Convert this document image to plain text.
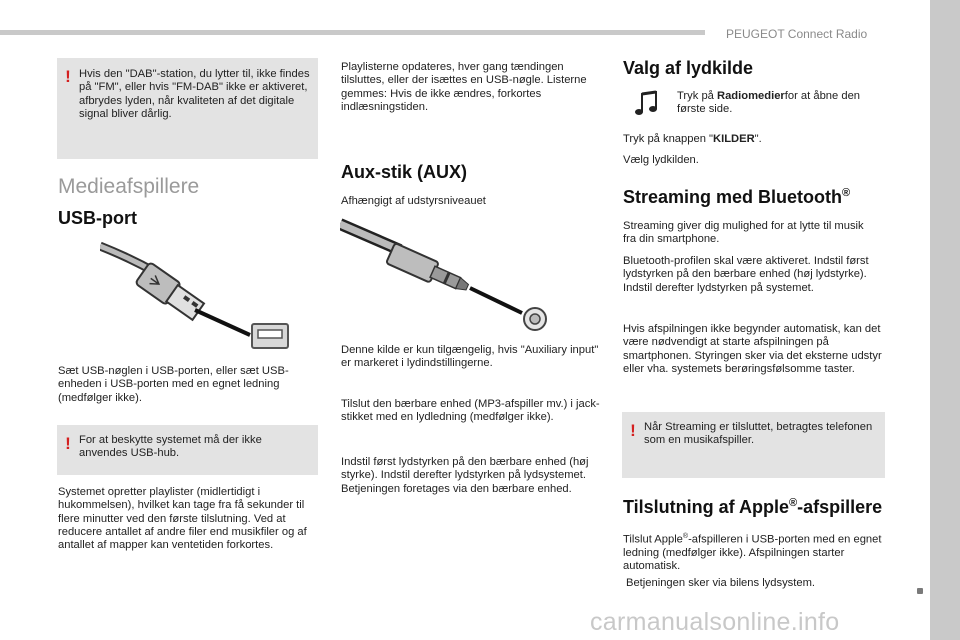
PEUGEOT Connect Radio
! Hvis den "DAB"-station, du lytter til, ikke findes på "FM", eller hvis "FM-DAB" ikke er aktiveret, afbrydes lyden, når kvaliteten af det digitale signal bliver dårlig.
Medieafspillere
USB-port

Sæt USB-nøglen i USB-porten, eller sæt USB-enheden i USB-porten med en egnet ledning (medfølger ikke).

! For at beskytte systemet må der ikke anvendes USB-hub.

Systemet opretter playlister (midlertidigt i hukommelsen), hvilket kan tage fra få sekunder til flere minutter ved den første tilslutning. Ved at reducere antallet af andre filer end musikfiler og af antallet af mapper kan ventetiden forkortes.

Playlisterne opdateres, hver gang tændingen tilsluttes, eller der isættes en USB-nøgle. Listerne gemmes: Hvis de ikke ændres, forkortes indlæsningstiden.

Aux-stik (AUX)

Afhængigt af udstyrsniveauet

Denne kilde er kun tilgængelig, hvis "Auxiliary input" er markeret i lydindstillingerne.

Tilslut den bærbare enhed (MP3-afspiller mv.) i jack-stikket med en lydledning (medfølger ikke).

Indstil først lydstyrken på den bærbare enhed (høj styrke). Indstil derefter lydstyrken på lydsystemet. Betjeningen foretages via den bærbare enhed.

Valg af lydkilde

Tryk på Radiomedierfor at åbne den første side.

Tryk på knappen "KILDER".

Vælg lydkilden.

Streaming med Bluetooth®

Streaming giver dig mulighed for at lytte til musik fra din smartphone.

Bluetooth-profilen skal være aktiveret. Indstil først lydstyrken på den bærbare enhed (høj lydstyrke). Indstil derefter lydstyrken på systemet.

Hvis afspilningen ikke begynder automatisk, kan det være nødvendigt at starte afspilningen på smartphonen. Styringen sker via det eksterne udstyr eller vha. systemets berøringsfølsomme taster.

! Når Streaming er tilsluttet, betragtes telefonen som en musikafspiller.
Tilslutning af Apple®-afspillere

Tilslut Apple®-afspilleren i USB-porten med en egnet ledning (medfølger ikke). Afspilningen starter automatisk.

Betjeningen sker via bilens lydsystem.

carmanualsonline.info
